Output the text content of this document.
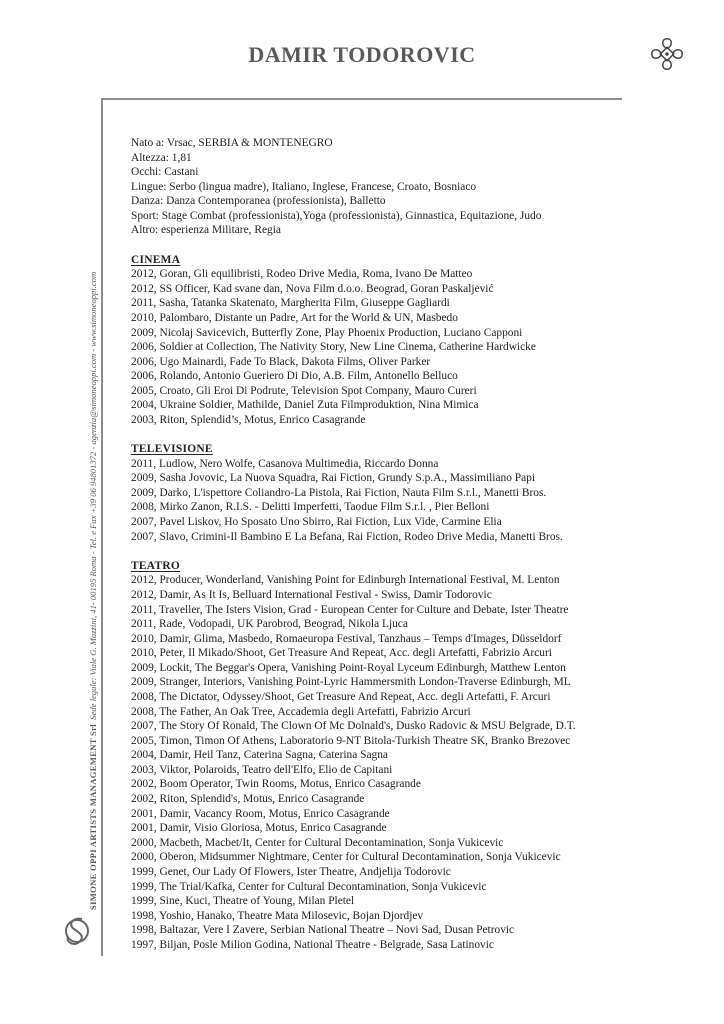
DAMIR TODOROVIC
SIMONE OPPI ARTISTS MANAGEMENT Srl  Sede legale: Viale G. Mazzini, 41- 00195 Roma - Tel. e Fax +39 06 94801372 - agenzia@simoneoppi.com - www.simoneoppi.com
Nato a: Vrsac, SERBIA & MONTENEGRO
Altezza: 1,81
Occhi: Castani
Lingue: Serbo (lingua madre), Italiano, Inglese, Francese, Croato, Bosniaco
Danza: Danza Contemporanea (professionista), Balletto
Sport: Stage Combat (professionista),Yoga (professionista), Ginnastica, Equitazione, Judo
Altro: esperienza Militare, Regia
CINEMA
2012, Goran, Gli equilibristi, Rodeo Drive Media, Roma, Ivano De Matteo
2012, SS Officer, Kad svane dan, Nova Film d.o.o. Beograd, Goran Paskaljević
2011, Sasha, Tatanka Skatenato, Margherita Film, Giuseppe Gagliardi
2010, Palombaro, Distante un Padre, Art for the World & UN, Masbedo
2009, Nicolaj Savicevich, Butterfly Zone, Play Phoenix Production, Luciano Capponi
2006, Soldier at Collection, The Nativity Story, New Line Cinema, Catherine Hardwicke
2006, Ugo Mainardi, Fade To Black, Dakota Films, Oliver Parker
2006, Rolando, Antonio Gueriero Di Dio, A.B. Film, Antonello Belluco
2005, Croato, Gli Eroi Di Podrute, Television Spot Company, Mauro Cureri
2004, Ukraine Soldier, Mathilde, Daniel Zuta Filmproduktion, Nina Mimica
2003, Riton, Splendid’s, Motus, Enrico Casagrande
TELEVISIONE
2011, Ludlow, Nero Wolfe, Casanova Multimedia, Riccardo Donna
2009, Sasha Jovovic, La Nuova Squadra, Rai Fiction, Grundy S.p.A., Massimiliano Papi
2009, Darko, L'ispettore Coliandro-La Pistola, Rai Fiction, Nauta Film S.r.l., Manetti Bros.
2008, Mirko Zanon, R.I.S. - Delitti Imperfetti, Taodue Film S.r.l. , Pier Belloni
2007, Pavel Liskov, Ho Sposato Uno Sbirro, Rai Fiction, Lux Vide, Carmine Elia
2007, Slavo, Crimini-Il Bambino E La Befana, Rai Fiction, Rodeo Drive Media, Manetti Bros.
TEATRO
2012, Producer, Wonderland, Vanishing Point for Edinburgh International Festival, M. Lenton
2012, Damir, As It Is, Belluard International Festival - Swiss, Damir Todorovic
2011, Traveller, The Isters Vision, Grad - European Center for Culture and Debate, Ister Theatre
2011, Rade, Vodopadi, UK Parobrod, Beograd, Nikola Ljuca
2010, Damir, Glima, Masbedo, Romaeuropa Festival, Tanzhaus – Temps d'Images, Düsseldorf
2010, Peter, Il Mikado/Shoot, Get Treasure And Repeat, Acc. degli Artefatti, Fabrizio Arcuri
2009, Lockit, The Beggar's Opera, Vanishing Point-Royal Lyceum Edinburgh, Matthew Lenton
2009, Stranger, Interiors, Vanishing Point-Lyric Hammersmith London-Traverse Edinburgh, ML
2008, The Dictator, Odyssey/Shoot, Get Treasure And Repeat, Acc. degli Artefatti, F. Arcuri
2008, The Father, An Oak Tree, Accademia degli Artefatti, Fabrizio Arcuri
2007, The Story Of Ronald, The Clown Of Mc Dolnald's, Dusko Radovic & MSU Belgrade, D.T.
2005, Timon, Timon Of Athens, Laboratorio 9-NT Bitola-Turkish Theatre SK, Branko Brezovec
2004, Damir, Heil Tanz, Caterina Sagna, Caterina Sagna
2003, Viktor, Polaroids, Teatro dell'Elfo, Elio de Capitani
2002, Boom Operator, Twin Rooms, Motus, Enrico Casagrande
2002, Riton, Splendid's, Motus, Enrico Casagrande
2001, Damir, Vacancy Room, Motus, Enrico Casagrande
2001, Damir, Visio Gloriosa, Motus, Enrico Casagrande
2000, Macbeth, Macbet/It, Center for Cultural Decontamination, Sonja Vukicevic
2000, Oberon, Midsummer Nightmare, Center for Cultural Decontamination, Sonja Vukicevic
1999, Genet, Our Lady Of Flowers, Ister Theatre, Andjelija Todorovic
1999, The Trial/Kafka, Center for Cultural Decontamination, Sonja Vukicevic
1999, Sine, Kuci, Theatre of Young, Milan Pletel
1998, Yoshio, Hanako, Theatre Mata Milosevic, Bojan Djordjev
1998, Baltazar, Vere I Zavere, Serbian National Theatre – Novi Sad, Dusan Petrovic
1997, Biljan, Posle Milion Godina, National Theatre - Belgrade, Sasa Latinovic
